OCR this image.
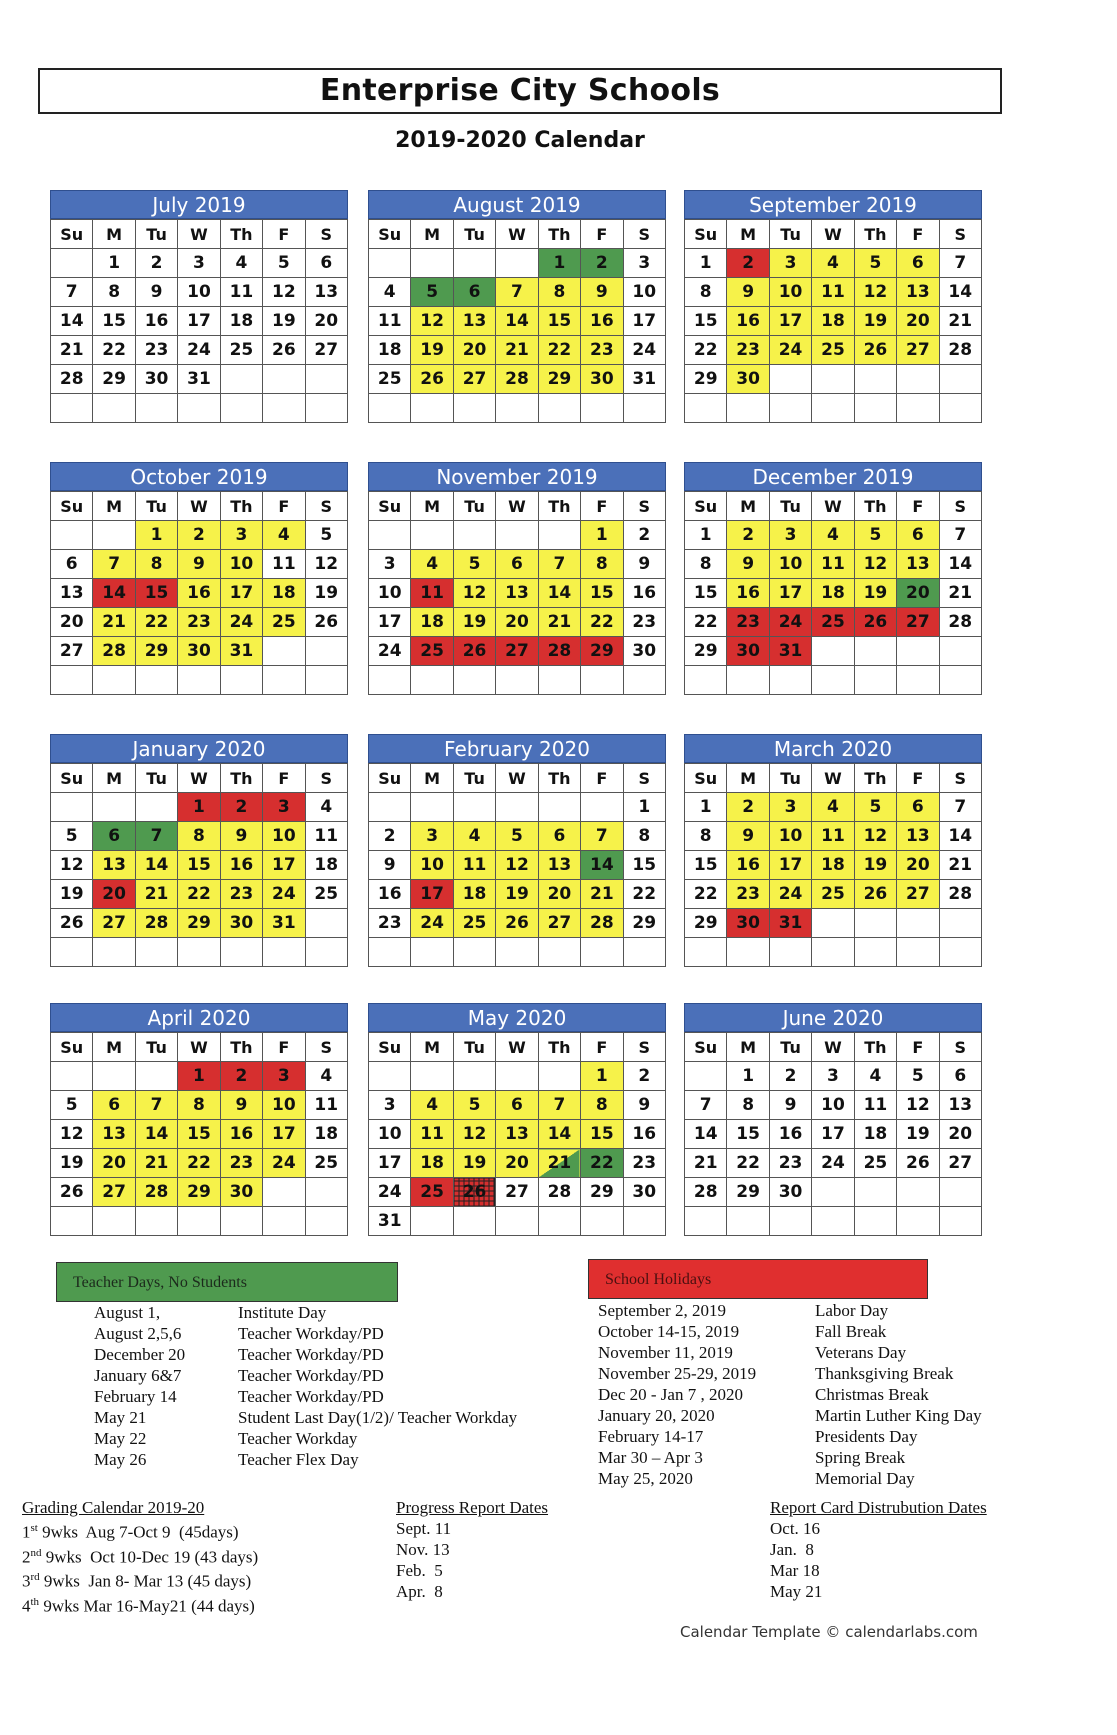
Enterprise City Schools
2019-2020 Calendar
July 2019
Su	M	Tu	W	Th	F	S
	1	2	3	4	5	6
7	8	9	10	11	12	13
14	15	16	17	18	19	20
21	22	23	24	25	26	27
28	29	30	31			

August 2019
Su	M	Tu	W	Th	F	S
				1	2	3
4	5	6	7	8	9	10
11	12	13	14	15	16	17
18	19	20	21	22	23	24
25	26	27	28	29	30	31

September 2019
Su	M	Tu	W	Th	F	S
1	2	3	4	5	6	7
8	9	10	11	12	13	14
15	16	17	18	19	20	21
22	23	24	25	26	27	28
29	30					

October 2019
Su	M	Tu	W	Th	F	S
		1	2	3	4	5
6	7	8	9	10	11	12
13	14	15	16	17	18	19
20	21	22	23	24	25	26
27	28	29	30	31		

November 2019
Su	M	Tu	W	Th	F	S
					1	2
3	4	5	6	7	8	9
10	11	12	13	14	15	16
17	18	19	20	21	22	23
24	25	26	27	28	29	30

December 2019
Su	M	Tu	W	Th	F	S
1	2	3	4	5	6	7
8	9	10	11	12	13	14
15	16	17	18	19	20	21
22	23	24	25	26	27	28
29	30	31				

January 2020
Su	M	Tu	W	Th	F	S
			1	2	3	4
5	6	7	8	9	10	11
12	13	14	15	16	17	18
19	20	21	22	23	24	25
26	27	28	29	30	31	

February 2020
Su	M	Tu	W	Th	F	S
						1
2	3	4	5	6	7	8
9	10	11	12	13	14	15
16	17	18	19	20	21	22
23	24	25	26	27	28	29

March 2020
Su	M	Tu	W	Th	F	S
1	2	3	4	5	6	7
8	9	10	11	12	13	14
15	16	17	18	19	20	21
22	23	24	25	26	27	28
29	30	31				

April 2020
Su	M	Tu	W	Th	F	S
			1	2	3	4
5	6	7	8	9	10	11
12	13	14	15	16	17	18
19	20	21	22	23	24	25
26	27	28	29	30		

May 2020
Su	M	Tu	W	Th	F	S
					1	2
3	4	5	6	7	8	9
10	11	12	13	14	15	16
17	18	19	20	21	22	23
24	25	26	27	28	29	30
31						
June 2020
Su	M	Tu	W	Th	F	S
	1	2	3	4	5	6
7	8	9	10	11	12	13
14	15	16	17	18	19	20
21	22	23	24	25	26	27
28	29	30				

Teacher Days, No Students	School Holidays
August 1,	Institute Day
August 2,5,6	Teacher Workday/PD
December 20	Teacher Workday/PD
January 6&7	Teacher Workday/PD
February 14	Teacher Workday/PD
May 21	Student Last Day(1/2)/ Teacher Workday
May 22	Teacher Workday
May 26	Teacher Flex Day
September 2, 2019	Labor Day
October 14-15, 2019	Fall Break
November 11, 2019	Veterans Day
November 25-29, 2019	Thanksgiving Break
Dec 20 - Jan 7 , 2020	Christmas Break
January 20, 2020	Martin Luther King Day
February 14-17	Presidents Day
Mar 30 – Apr 3	Spring Break
May 25, 2020	Memorial Day
Grading Calendar 2019-20
1st 9wks  Aug 7-Oct 9  (45days)
2nd 9wks  Oct 10-Dec 19 (43 days)
3rd 9wks  Jan 8- Mar 13 (45 days)
4th 9wks Mar 16-May21 (44 days)
Progress Report Dates
Sept. 11
Nov. 13
Feb.  5
Apr.  8
Report Card Distrubution Dates
Oct. 16
Jan.  8
Mar 18
May 21
Calendar Template © calendarlabs.com
